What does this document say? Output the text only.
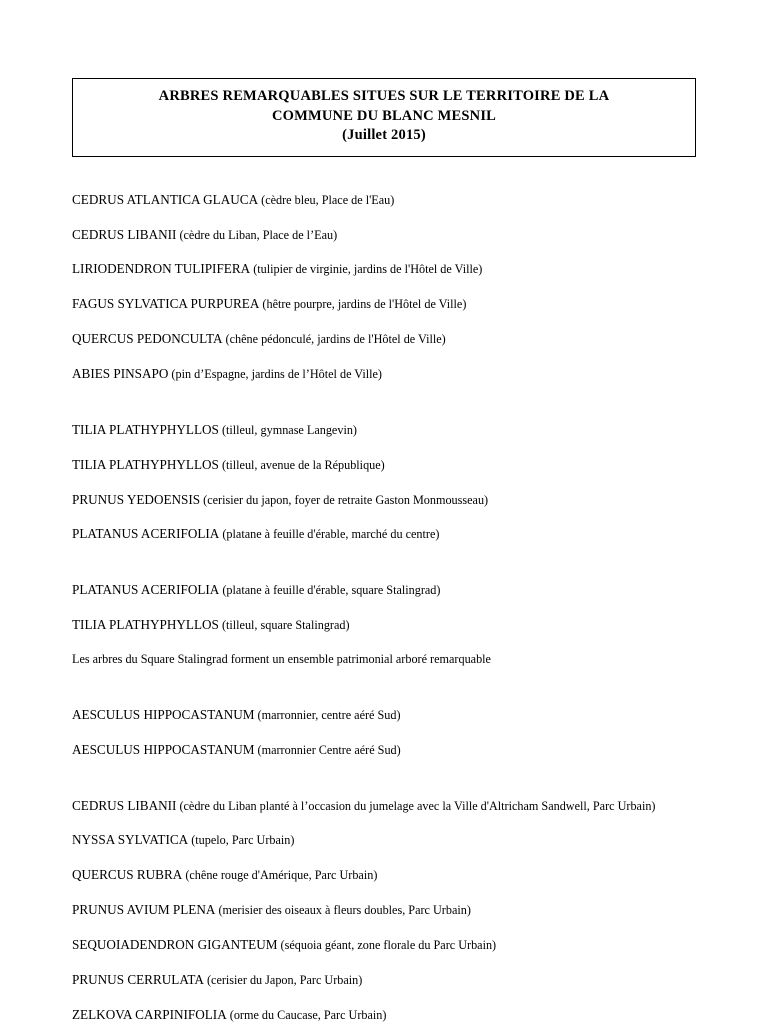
ARBRES REMARQUABLES SITUES SUR LE TERRITOIRE DE LA
COMMUNE DU BLANC MESNIL
(Juillet 2015)
CEDRUS ATLANTICA GLAUCA (cèdre bleu, Place de l'Eau)
CEDRUS LIBANII (cèdre du Liban, Place de l’Eau)
LIRIODENDRON TULIPIFERA (tulipier de virginie, jardins de l'Hôtel de Ville)
FAGUS SYLVATICA PURPUREA (hêtre pourpre, jardins de l'Hôtel de Ville)
QUERCUS PEDONCULTA (chêne pédonculé, jardins de l'Hôtel de Ville)
ABIES PINSAPO (pin d’Espagne, jardins de l’Hôtel de Ville)
TILIA PLATHYPHYLLOS (tilleul, gymnase Langevin)
TILIA PLATHYPHYLLOS (tilleul, avenue de la République)
PRUNUS YEDOENSIS (cerisier du japon, foyer de retraite Gaston Monmousseau)
PLATANUS ACERIFOLIA (platane à feuille d'érable, marché du centre)
PLATANUS ACERIFOLIA (platane à feuille d'érable, square Stalingrad)
TILIA PLATHYPHYLLOS (tilleul, square Stalingrad)
Les arbres du Square Stalingrad forment un ensemble patrimonial arboré remarquable
AESCULUS HIPPOCASTANUM (marronnier, centre aéré Sud)
AESCULUS HIPPOCASTANUM (marronnier Centre aéré Sud)
CEDRUS LIBANII (cèdre du Liban planté à l’occasion du jumelage avec la Ville d'Altricham Sandwell, Parc Urbain)
NYSSA SYLVATICA (tupelo, Parc Urbain)
QUERCUS RUBRA (chêne rouge d'Amérique, Parc Urbain)
PRUNUS AVIUM PLENA (merisier des oiseaux à fleurs doubles, Parc Urbain)
SEQUOIADENDRON GIGANTEUM (séquoia géant, zone florale du Parc Urbain)
PRUNUS CERRULATA (cerisier du Japon, Parc Urbain)
ZELKOVA CARPINIFOLIA (orme du Caucase, Parc Urbain)
